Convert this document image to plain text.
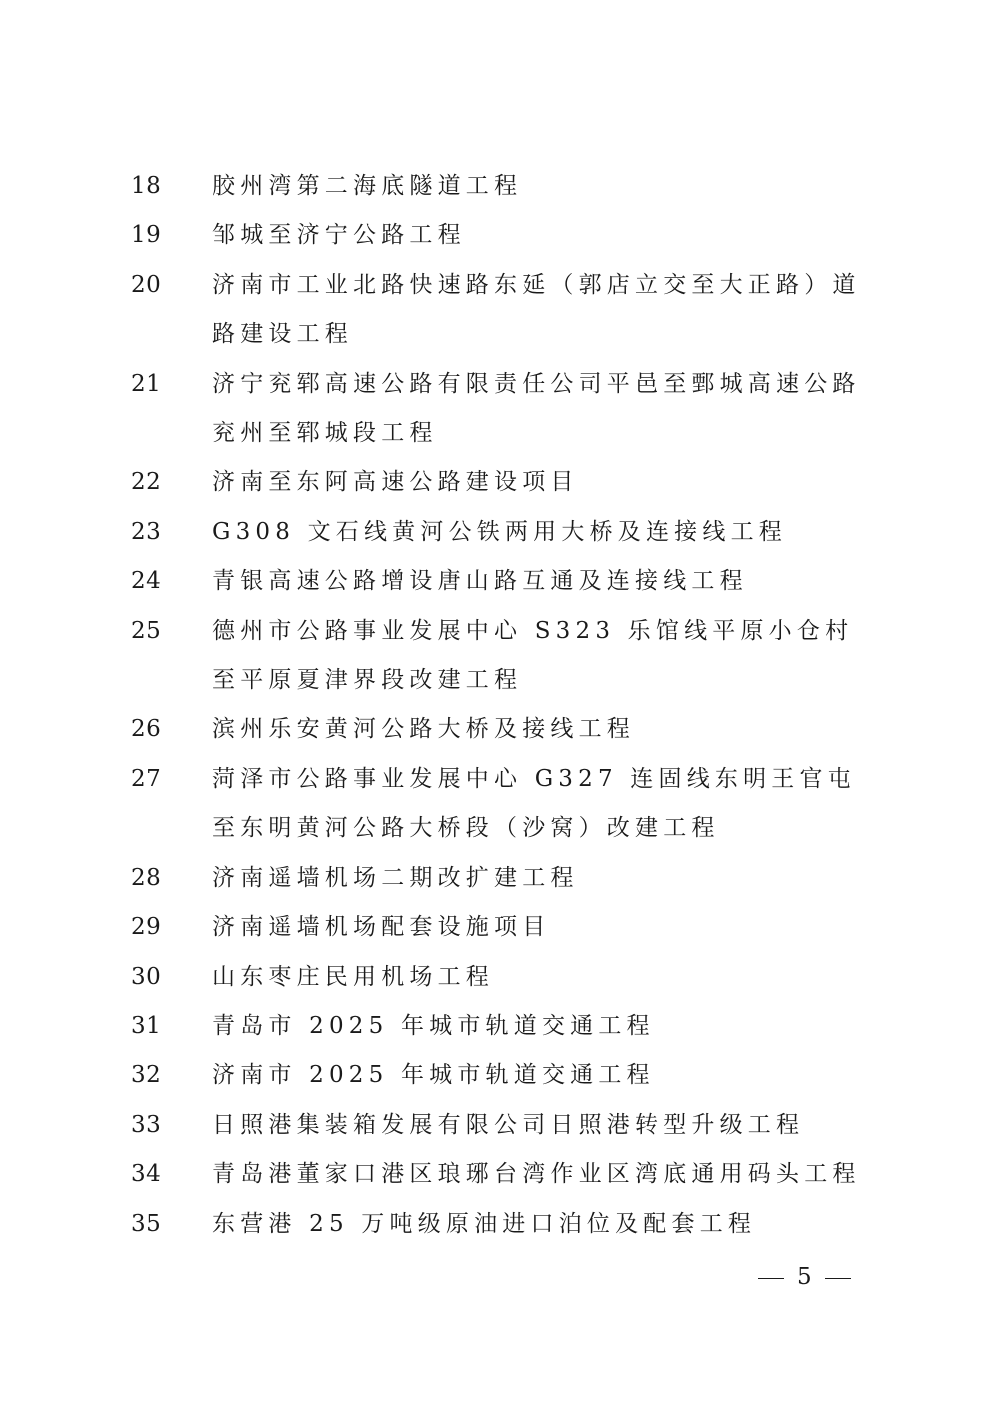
18 胶州湾第二海底隧道工程
19 邹城至济宁公路工程
20 济南市工业北路快速路东延（郭店立交至大正路）道路建设工程
21 济宁兖郓高速公路有限责任公司平邑至鄄城高速公路兖州至郓城段工程
22 济南至东阿高速公路建设项目
23 G308 文石线黄河公铁两用大桥及连接线工程
24 青银高速公路增设唐山路互通及连接线工程
25 德州市公路事业发展中心 S323 乐馆线平原小仓村至平原夏津界段改建工程
26 滨州乐安黄河公路大桥及接线工程
27 菏泽市公路事业发展中心 G327 连固线东明王官屯至东明黄河公路大桥段（沙窝）改建工程
28 济南遥墙机场二期改扩建工程
29 济南遥墙机场配套设施项目
30 山东枣庄民用机场工程
31 青岛市 2025 年城市轨道交通工程
32 济南市 2025 年城市轨道交通工程
33 日照港集装箱发展有限公司日照港转型升级工程
34 青岛港董家口港区琅琊台湾作业区湾底通用码头工程
35 东营港 25 万吨级原油进口泊位及配套工程
5
